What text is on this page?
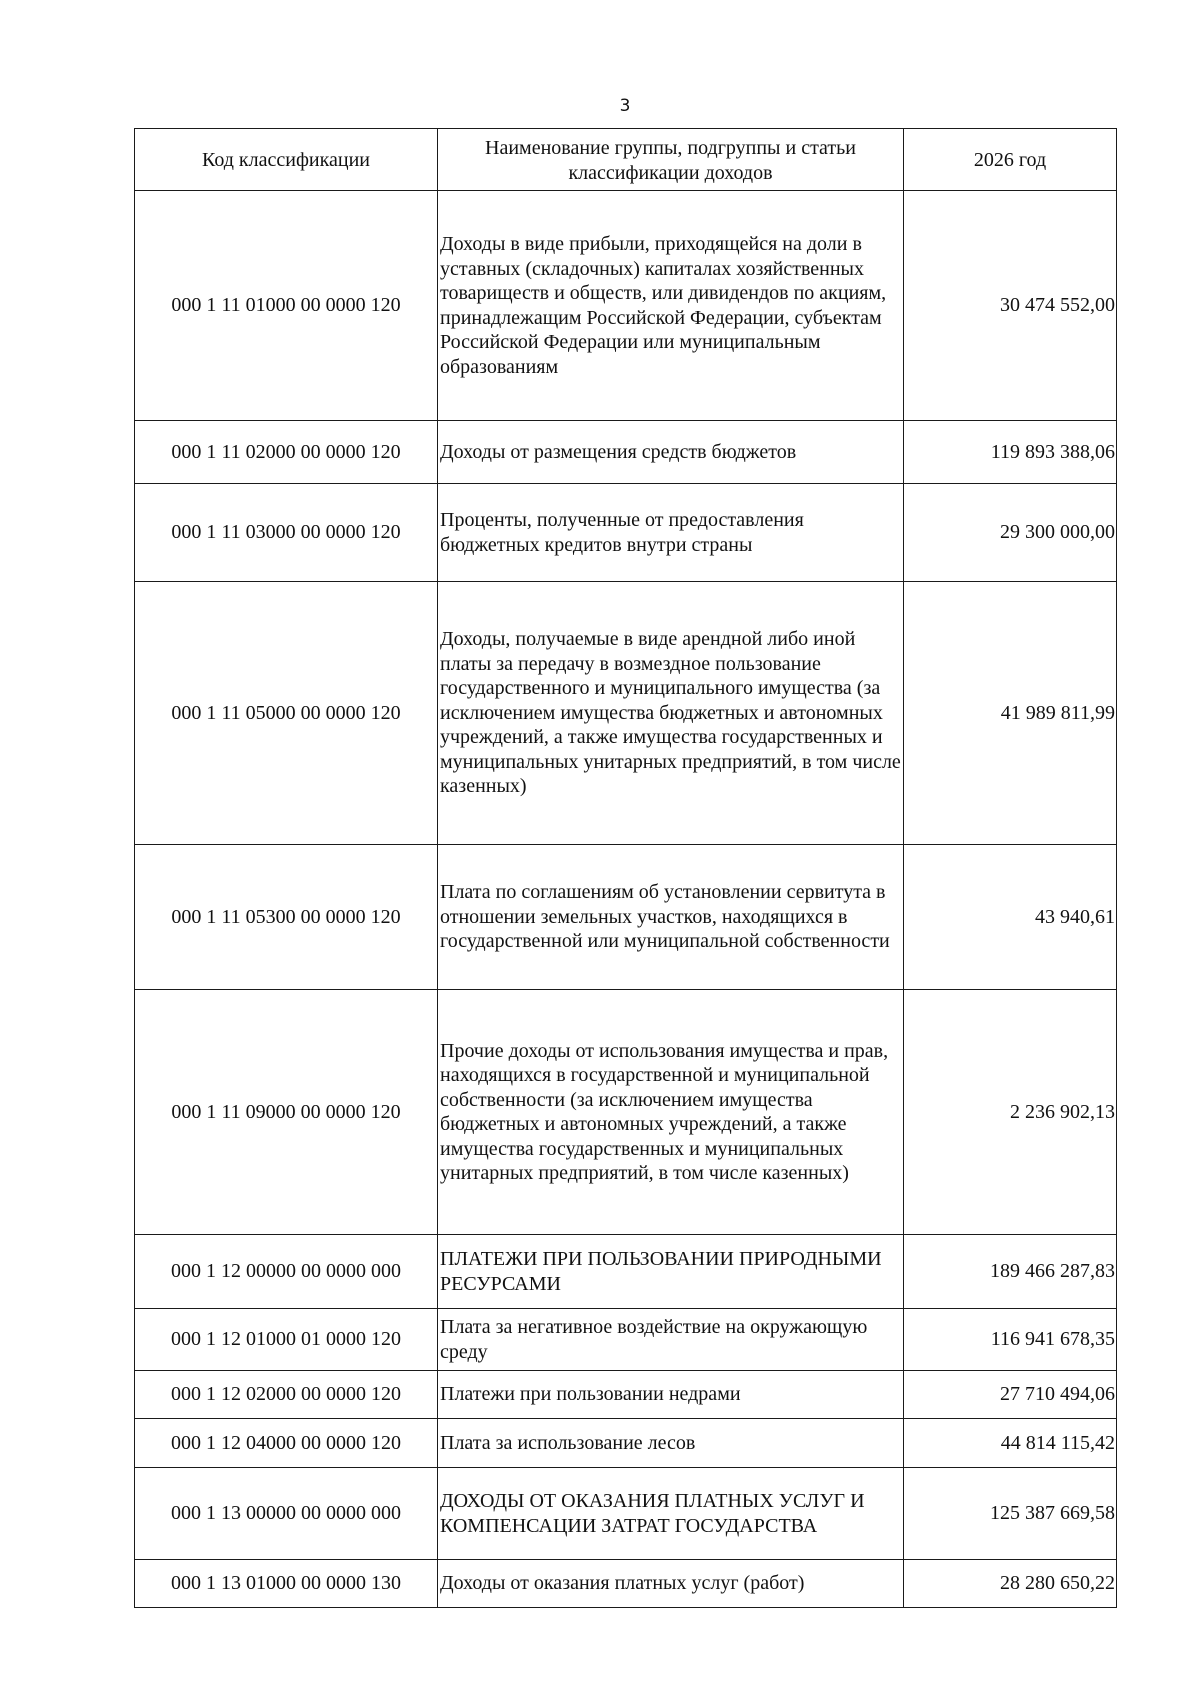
3
Код классификации	Наименование группы, подгруппы и статьи классификации доходов	2026 год
000 1 11 01000 00 0000 120	Доходы в виде прибыли, приходящейся на доли в уставных (складочных) капиталах хозяйственных товариществ и обществ, или дивидендов по акциям, принадлежащим Российской Федерации, субъектам Российской Федерации или муниципальным образованиям	30 474 552,00
000 1 11 02000 00 0000 120	Доходы от размещения средств бюджетов	119 893 388,06
000 1 11 03000 00 0000 120	Проценты, полученные от предоставления бюджетных кредитов внутри страны	29 300 000,00
000 1 11 05000 00 0000 120	Доходы, получаемые в виде арендной либо иной платы за передачу в возмездное пользование государственного и муниципального имущества (за исключением имущества бюджетных и автономных учреждений, а также имущества государственных и муниципальных унитарных предприятий, в том числе казенных)	41 989 811,99
000 1 11 05300 00 0000 120	Плата по соглашениям об установлении сервитута в отношении земельных участков, находящихся в государственной или муниципальной собственности	43 940,61
000 1 11 09000 00 0000 120	Прочие доходы от использования имущества и прав, находящихся в государственной и муниципальной собственности (за исключением имущества бюджетных и автономных учреждений, а также имущества государственных и муниципальных унитарных предприятий, в том числе казенных)	2 236 902,13
000 1 12 00000 00 0000 000	ПЛАТЕЖИ ПРИ ПОЛЬЗОВАНИИ ПРИРОДНЫМИ РЕСУРСАМИ	189 466 287,83
000 1 12 01000 01 0000 120	Плата за негативное воздействие на окружающую среду	116 941 678,35
000 1 12 02000 00 0000 120	Платежи при пользовании недрами	27 710 494,06
000 1 12 04000 00 0000 120	Плата за использование лесов	44 814 115,42
000 1 13 00000 00 0000 000	ДОХОДЫ ОТ ОКАЗАНИЯ ПЛАТНЫХ УСЛУГ И КОМПЕНСАЦИИ ЗАТРАТ ГОСУДАРСТВА	125 387 669,58
000 1 13 01000 00 0000 130	Доходы от оказания платных услуг (работ)	28 280 650,22
